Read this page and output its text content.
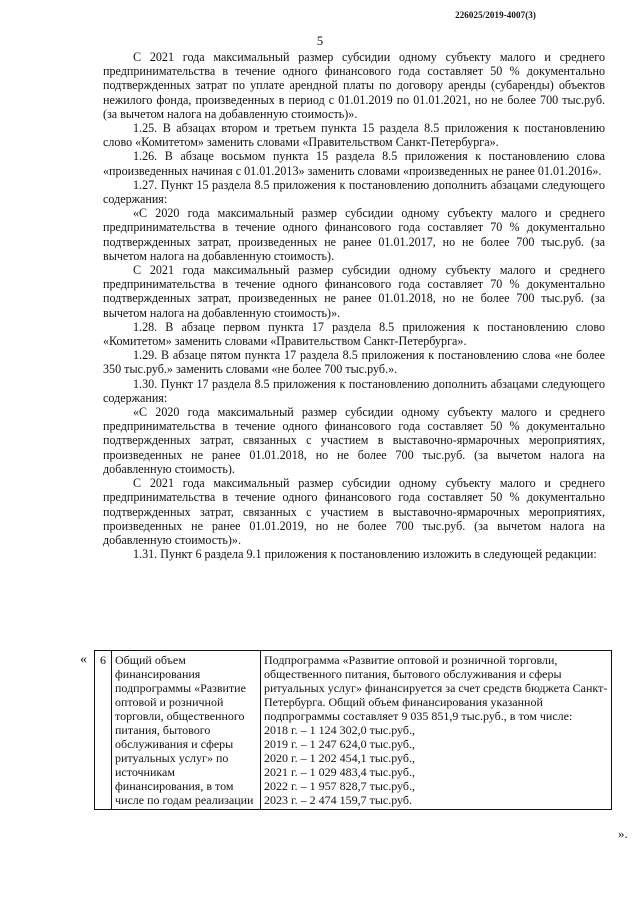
226025/2019-4007(3)
5

С 2021 года максимальный размер субсидии одному субъекту малого и среднего предпринимательства в течение одного финансового года составляет 50 % документально подтвержденных затрат по уплате арендной платы по договору аренды (субаренды) объектов нежилого фонда, произведенных в период с 01.01.2019 по 01.01.2021, но не более 700 тыс.руб. (за вычетом налога на добавленную стоимость)».

1.25. В абзацах втором и третьем пункта 15 раздела 8.5 приложения к постановлению слово «Комитетом» заменить словами «Правительством Санкт-Петербурга».

1.26. В абзаце восьмом пункта 15 раздела 8.5 приложения к постановлению слова «произведенных начиная с 01.01.2013» заменить словами «произведенных не ранее 01.01.2016».

1.27. Пункт 15 раздела 8.5 приложения к постановлению дополнить абзацами следующего содержания:

«С 2020 года максимальный размер субсидии одному субъекту малого и среднего предпринимательства в течение одного финансового года составляет 70 % документально подтвержденных затрат, произведенных не ранее 01.01.2017, но не более 700 тыс.руб. (за вычетом налога на добавленную стоимость).

С 2021 года максимальный размер субсидии одному субъекту малого и среднего предпринимательства в течение одного финансового года составляет 70 % документально подтвержденных затрат, произведенных не ранее 01.01.2018, но не более 700 тыс.руб. (за вычетом налога на добавленную стоимость)».

1.28. В абзаце первом пункта 17 раздела 8.5 приложения к постановлению слово «Комитетом» заменить словами «Правительством Санкт-Петербурга».

1.29. В абзаце пятом пункта 17 раздела 8.5 приложения к постановлению слова «не более 350 тыс.руб.» заменить словами «не более 700 тыс.руб.».

1.30. Пункт 17 раздела 8.5 приложения к постановлению дополнить абзацами следующего содержания:

«С 2020 года максимальный размер субсидии одному субъекту малого и среднего предпринимательства в течение одного финансового года составляет 50 % документально подтвержденных затрат, связанных с участием в выставочно-ярмарочных мероприятиях, произведенных не ранее 01.01.2018, но не более 700 тыс.руб. (за вычетом налога на добавленную стоимость).

С 2021 года максимальный размер субсидии одному субъекту малого и среднего предпринимательства в течение одного финансового года составляет 50 % документально подтвержденных затрат, связанных с участием в выставочно-ярмарочных мероприятиях, произведенных не ранее 01.01.2019, но не более 700 тыс.руб. (за вычетом налога на добавленную стоимость)».

1.31. Пункт 6 раздела 9.1 приложения к постановлению изложить в следующей редакции:

« 6	Общий объем финансирования подпрограммы «Развитие оптовой и розничной торговли, общественного питания, бытового обслуживания и сферы ритуальных услуг» по источникам финансирования, в том числе по годам реализации	Подпрограмма «Развитие оптовой и розничной торговли, общественного питания, бытового обслуживания и сферы ритуальных услуг» финансируется за счет средств бюджета Санкт-Петербурга. Общий объем финансирования указанной подпрограммы составляет 9 035 851,9 тыс.руб., в том числе:
2018 г. – 1 124 302,0 тыс.руб.,
2019 г. – 1 247 624,0 тыс.руб.,
2020 г. – 1 202 454,1 тыс.руб.,
2021 г. – 1 029 483,4 тыс.руб.,
2022 г. – 1 957 828,7 тыс.руб.,
2023 г. – 2 474 159,7 тыс.руб.
».
